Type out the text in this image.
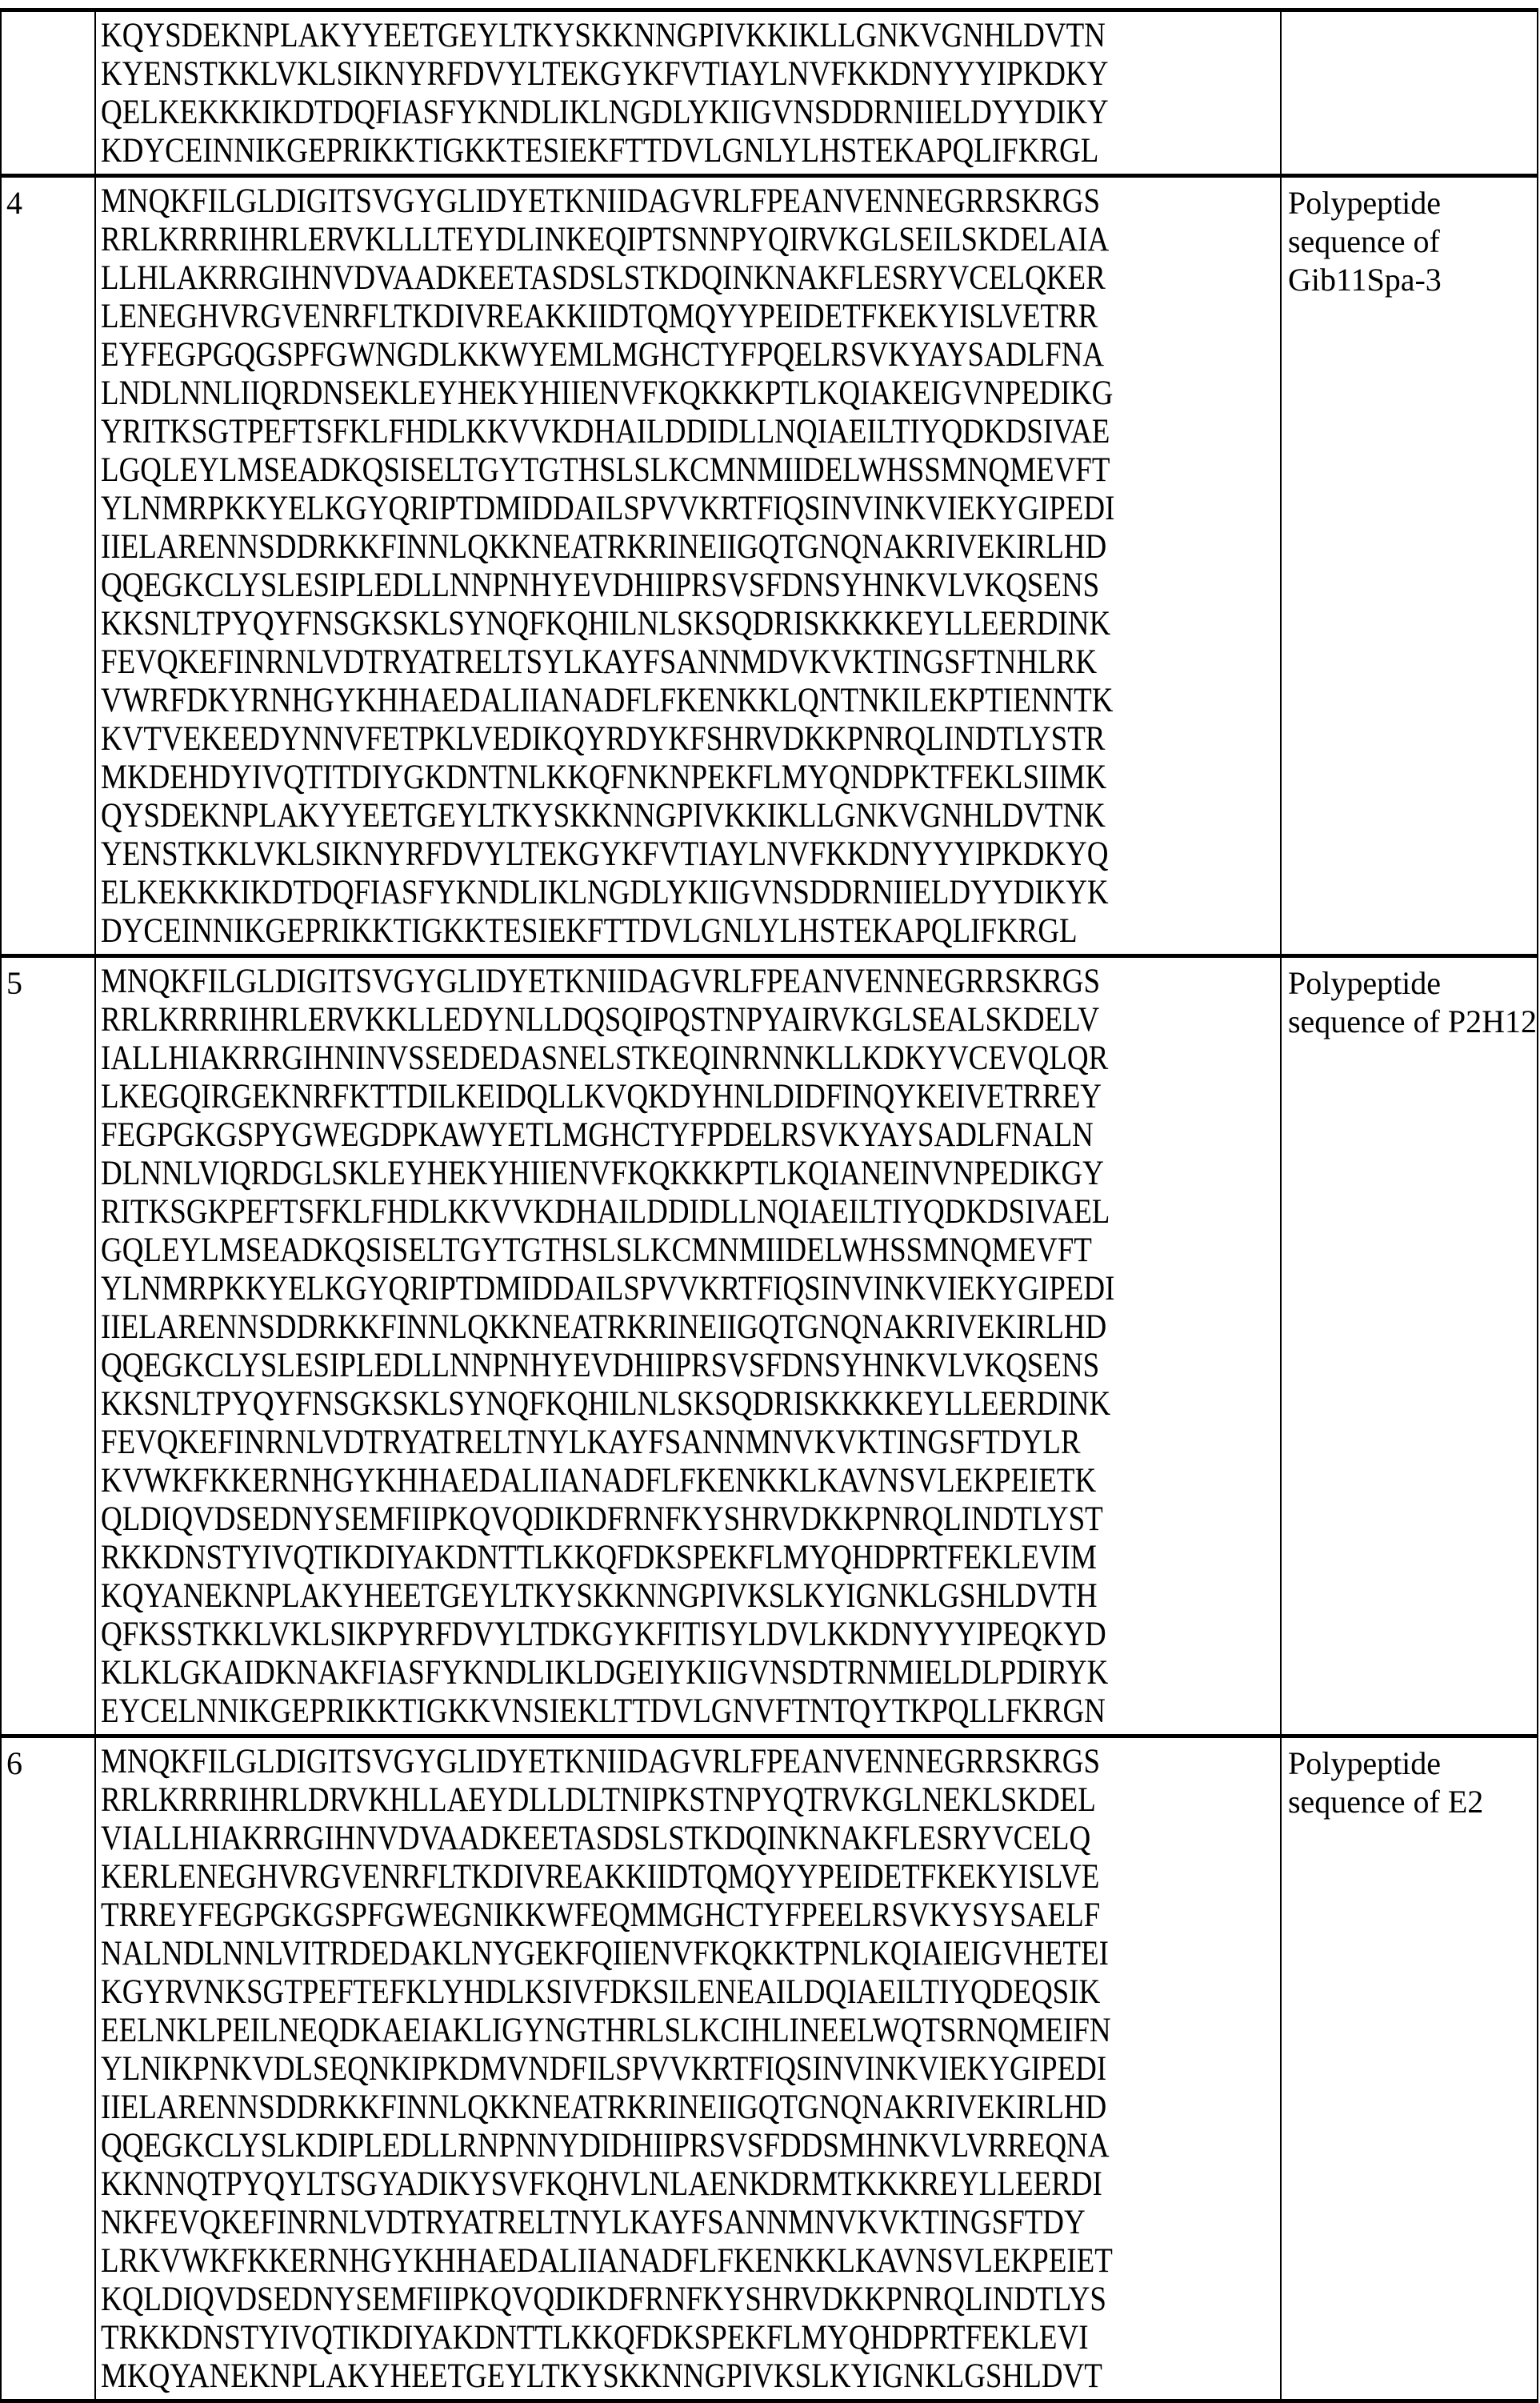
KQYSDEKNPLAKYYEETGEYLTKYSKKNNGPIVKKIKLLGNKVGNHLDVTN
KYENSTKKLVKLSIKNYRFDVYLTEKGYKFVTIAYLNVFKKDNYYYIPKDKY
QELKEKKKIKDTDQFIASFYKNDLIKLNGDLYKIIGVNSDDRNIIELDYYDIKY
KDYCEINNIKGEPRIKKTIGKKTESIEKFTTDVLGNLYLHSTEKAPQLIFKRGL

4	MNQKFILGLDIGITSVGYGLIDYETKNIIDAGVRLFPEANVENNEGRRSKRGS
RRLKRRRIHRLERVKLLLTEYDLINKEQIPTSNNPYQIRVKGLSEILSKDELAIA
LLHLAKRRGIHNVDVAADKEETASDSLSTKDQINKNAKFLESRYVCELQKER
LENEGHVRGVENRFLTKDIVREAKKIIDTQMQYYPEIDETFKEKYISLVETRR
EYFEGPGQGSPFGWNGDLKKWYEMLMGHCTYFPQELRSVKYAYSADLFNA
LNDLNNLIIQRDNSEKLEYHEKYHIIENVFKQKKKPTLKQIAKEIGVNPEDIKG
YRITKSGTPEFTSFKLFHDLKKVVKDHAILDDIDLLNQIAEILTIYQDKDSIVAE
LGQLEYLMSEADKQSISELTGYTGTHSLSLKCMNMIIDELWHSSMNQMEVFT
YLNMRPKKYELKGYQRIPTDMIDDAILSPVVKRTFIQSINVINKVIEKYGIPEDI
IIELARENNSDDRKKFINNLQKKNEATRKRINEIIGQTGNQNAKRIVEKIRLHD
QQEGKCLYSLESIPLEDLLNNPNHYEVDHIIPRSVSFDNSYHNKVLVKQSENS
KKSNLTPYQYFNSGKSKLSYNQFKQHILNLSKSQDRISKKKKEYLLEERDINK
FEVQKEFINRNLVDTRYATRELTSYLKAYFSANNMDVKVKTINGSFTNHLRK
VWRFDKYRNHGYKHHAEDALIIANADFLFKENKKLQNTNKILEKPTIENNTK
KVTVEKEEDYNNVFETPKLVEDIKQYRDYKFSHRVDKKPNRQLINDTLYSTR
MKDEHDYIVQTITDIYGKDNTNLKKQFNKNPEKFLMYQNDPKTFEKLSIIMK
QYSDEKNPLAKYYEETGEYLTKYSKKNNGPIVKKIKLLGNKVGNHLDVTNK
YENSTKKLVKLSIKNYRFDVYLTEKGYKFVTIAYLNVFKKDNYYYIPKDKYQ
ELKEKKKIKDTDQFIASFYKNDLIKLNGDLYKIIGVNSDDRNIIELDYYDIKYK
DYCEINNIKGEPRIKKTIGKKTESIEKFTTDVLGNLYLHSTEKAPQLIFKRGL

Polypeptide
sequence of
Gib11Spa-3

5	MNQKFILGLDIGITSVGYGLIDYETKNIIDAGVRLFPEANVENNEGRRSKRGS
RRLKRRRIHRLERVKKLLEDYNLLDQSQIPQSTNPYAIRVKGLSEALSKDELV
IALLHIAKRRGIHNINVSSEDEDASNELSTKEQINRNNKLLKDKYVCEVQLQR
LKEGQIRGEKNRFKTTDILKEIDQLLKVQKDYHNLDIDFINQYKEIVETRREY
FEGPGKGSPYGWEGDPKAWYETLMGHCTYFPDELRSVKYAYSADLFNALN
DLNNLVIQRDGLSKLEYHEKYHIIENVFKQKKKPTLKQIANEINVNPEDIKGY
RITKSGKPEFTSFKLFHDLKKVVKDHAILDDIDLLNQIAEILTIYQDKDSIVAEL
GQLEYLMSEADKQSISELTGYTGTHSLSLKCMNMIIDELWHSSMNQMEVFT
YLNMRPKKYELKGYQRIPTDMIDDAILSPVVKRTFIQSINVINKVIEKYGIPEDI
IIELARENNSDDRKKFINNLQKKNEATRKRINEIIGQTGNQNAKRIVEKIRLHD
QQEGKCLYSLESIPLEDLLNNPNHYEVDHIIPRSVSFDNSYHNKVLVKQSENS
KKSNLTPYQYFNSGKSKLSYNQFKQHILNLSKSQDRISKKKKEYLLEERDINK
FEVQKEFINRNLVDTRYATRELTNYLKAYFSANNMNVKVKTINGSFTDYLR
KVWKFKKERNHGYKHHAEDALIIANADFLFKENKKLKAVNSVLEKPEIETK
QLDIQVDSEDNYSEMFIIPKQVQDIKDFRNFKYSHRVDKKPNRQLINDTLYST
RKKDNSTYIVQTIKDIYAKDNTTLKKQFDKSPEKFLMYQHDPRTFEKLEVIM
KQYANEKNPLAKYHEETGEYLTKYSKKNNGPIVKSLKYIGNKLGSHLDVTH
QFKSSTKKLVKLSIKPYRFDVYLTDKGYKFITISYLDVLKKDNYYYIPEQKYD
KLKLGKAIDKNAKFIASFYKNDLIKLDGEIYKIIGVNSDTRNMIELDLPDIRYK
EYCELNNIKGEPRIKKTIGKKVNSIEKLTTDVLGNVFTNTQYTKPQLLFKRGN

Polypeptide
sequence of P2H12

6	MNQKFILGLDIGITSVGYGLIDYETKNIIDAGVRLFPEANVENNEGRRSKRGS
RRLKRRRIHRLDRVKHLLAEYDLLDLTNIPKSTNPYQTRVKGLNEKLSKDEL
VIALLHIAKRRGIHNVDVAADKEETASDSLSTKDQINKNAKFLESRYVCELQ
KERLENEGHVRGVENRFLTKDIVREAKKIIDTQMQYYPEIDETFKEKYISLVE
TRREYFEGPGKGSPFGWEGNIKKWFEQMMGHCTYFPEELRSVKYSYSAELF
NALNDLNNLVITRDEDAKLNYGEKFQIIENVFKQKKTPNLKQIAIEIGVHETEI
KGYRVNKSGTPEFTEFKLYHDLKSIVFDKSILENEAILDQIAEILTIYQDEQSIK
EELNKLPEILNEQDKAEIAKLIGYNGTHRLSLKCIHLINEELWQTSRNQMEIFN
YLNIKPNKVDLSEQNKIPKDMVNDFILSPVVKRTFIQSINVINKVIEKYGIPEDI
IIELARENNSDDRKKFINNLQKKNEATRKRINEIIGQTGNQNAKRIVEKIRLHD
QQEGKCLYSLKDIPLEDLLRNPNNYDIDHIIPRSVSFDDSMHNKVLVRREQNA
KKNNQTPYQYLTSGYADIKYSVFKQHVLNLAENKDRMTKKKREYLLEERDI
NKFEVQKEFINRNLVDTRYATRELTNYLKAYFSANNMNVKVKTINGSFTDY
LRKVWKFKKERNHGYKHHAEDALIIANADFLFKENKKLKAVNSVLEKPEIET
KQLDIQVDSEDNYSEMFIIPKQVQDIKDFRNFKYSHRVDKKPNRQLINDTLYS
TRKKDNSTYIVQTIKDIYAKDNTTLKKQFDKSPEKFLMYQHDPRTFEKLEVI
MKQYANEKNPLAKYHEETGEYLTKYSKKNNGPIVKSLKYIGNKLGSHLDVT

Polypeptide
sequence of E2
